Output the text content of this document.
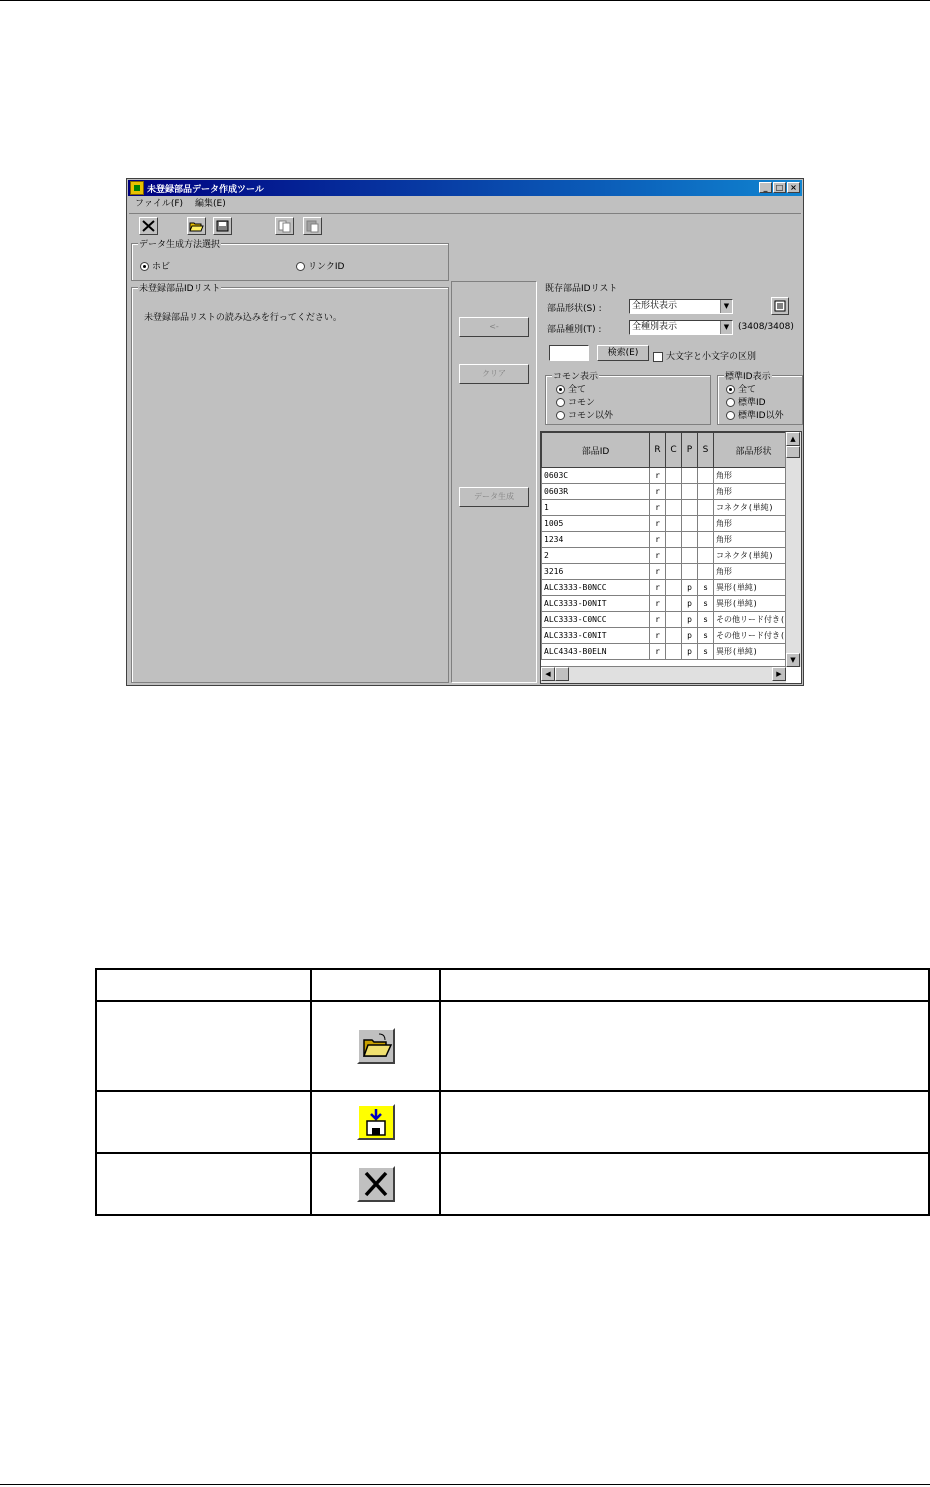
未登録部品データ作成ツール	_	□ ×
ファイル(F)	編集(E)
データ生成方法選択
ホビ	リンクID
未登録部品IDリスト
未登録部品リストの読み込みを行ってください。
<-
クリア
データ生成
既存部品IDリスト
部品形状(S) :	全形状表示	▼
部品種別(T) :	全種別表示	▼ (3408/3408)
検索(E)	大文字と小文字の区別
コモン表示
全て
コモン
コモン以外
標準ID表示
全て
標準ID
標準ID以外
部品ID	R	C	P	S	部品形状
0603C	r				角形
0603R	r				角形
1	r				コネクタ(単純)
1005	r				角形
1234	r				角形
2	r				コネクタ(単純)
3216	r				角形
ALC3333-B0NCC	r		p	s	異形(単純)
ALC3333-D0NIT	r		p	s	異形(単純)
ALC3333-C0NCC	r		p	s	その他リード付き(
ALC3333-C0NIT	r		p	s	その他リード付き(
ALC4343-B0ELN	r		p	s	異形(単純)
▲
▼
◀	▶
